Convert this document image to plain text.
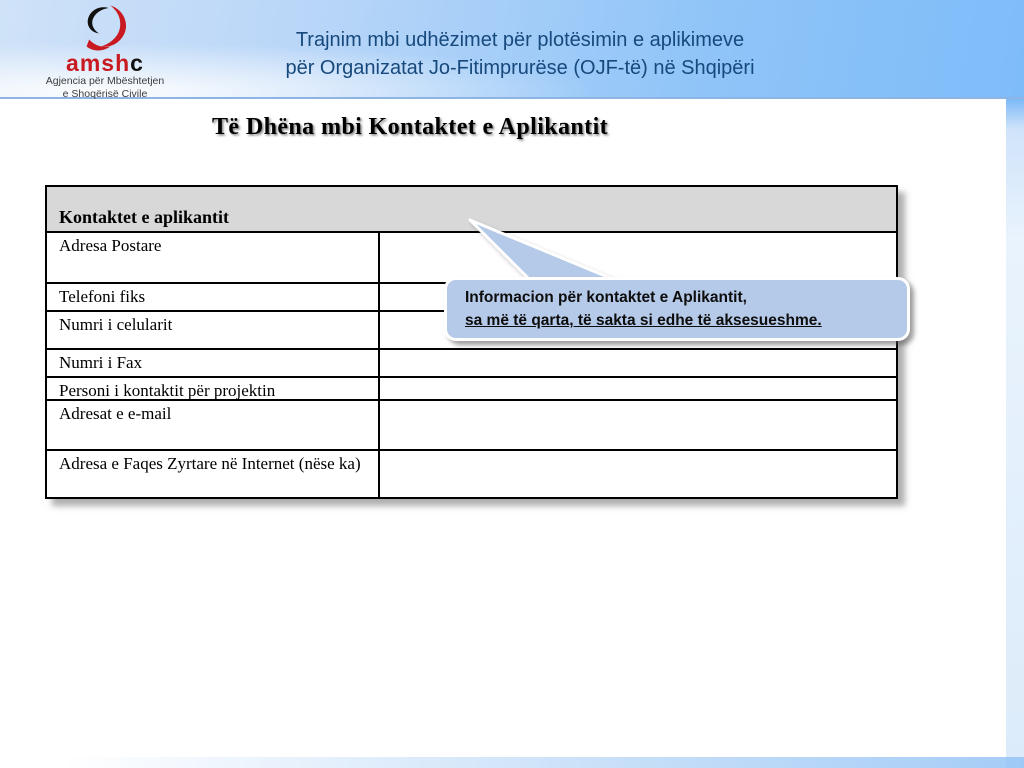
amshc
Agjencia për Mbështetjen
e Shoqërisë Civile
Trajnim mbi udhëzimet për plotësimin e aplikimeve
për Organizatat Jo-Fitimprurëse (OJF-të) në Shqipëri
Të Dhëna mbi Kontaktet e Aplikantit
Kontaktet e aplikantit
Adresa Postare
Telefoni fiks
Numri i celularit
Numri i Fax
Personi i kontaktit për projektin
Adresat e e-mail
Adresa e Faqes Zyrtare në Internet (nëse ka)
Informacion për kontaktet e Aplikantit,
sa më të qarta, të sakta si edhe të aksesueshme.
